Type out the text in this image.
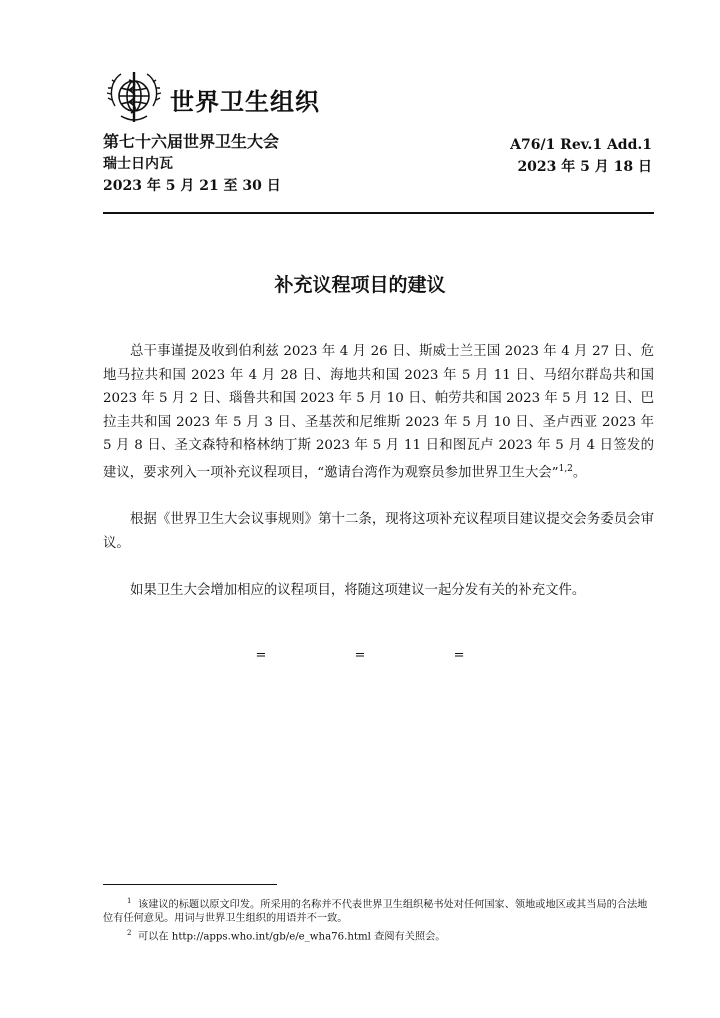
世界卫生组织
第七十六届世界卫生大会
瑞士日内瓦
2023 年 5 月 21 至 30 日
A76/1 Rev.1 Add.1
2023 年 5 月 18 日
补充议程项目的建议

总干事谨提及收到伯利兹 2023 年 4 月 26 日、斯威士兰王国 2023 年 4 月 27 日、危地马拉共和国 2023 年 4 月 28 日、海地共和国 2023 年 5 月 11 日、马绍尔群岛共和国 2023 年 5 月 2 日、瑙鲁共和国 2023 年 5 月 10 日、帕劳共和国 2023 年 5 月 12 日、巴拉圭共和国 2023 年 5 月 3 日、圣基茨和尼维斯 2023 年 5 月 10 日、圣卢西亚 2023 年 5 月 8 日、圣文森特和格林纳丁斯 2023 年 5 月 11 日和图瓦卢 2023 年 5 月 4 日签发的建议，要求列入一项补充议程项目，“邀请台湾作为观察员参加世界卫生大会”$^{1,2}$。

根据《世界卫生大会议事规则》第十二条，现将这项补充议程项目建议提交会务委员会审议。

如果卫生大会增加相应的议程项目，将随这项建议一起分发有关的补充文件。

=	=	=

$^1$ 该建议的标题以原文印发。所采用的名称并不代表世界卫生组织秘书处对任何国家、领地或地区或其当局的合法地位有任何意见。用词与世界卫生组织的用语并不一致。

$^2$ 可以在 http://apps.who.int/gb/e/e_wha76.html 查阅有关照会。
